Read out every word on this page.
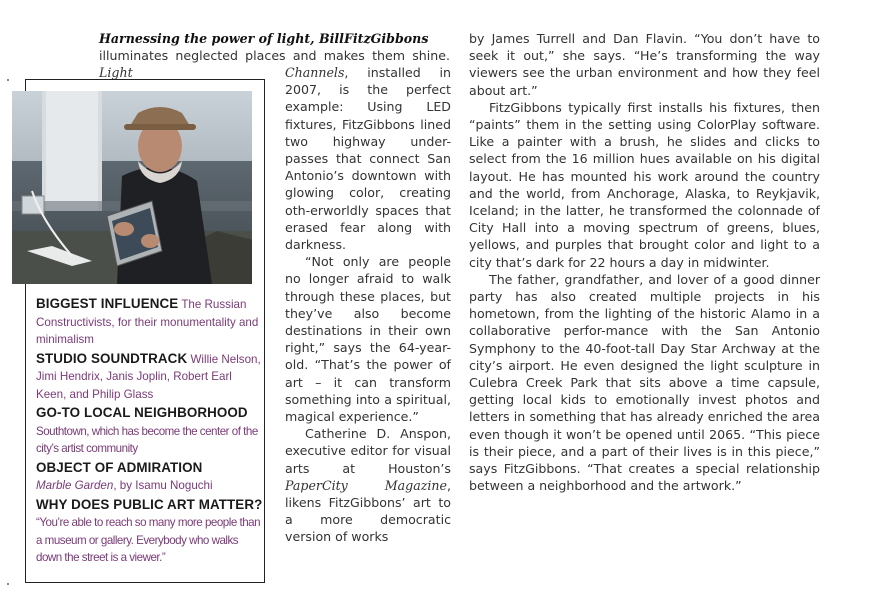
Harnessing the power of light, BillFitzGibbons
illuminates neglected places and makes them shine. Light	Channels, installed in 2007, is the perfect example: Using LED fixtures, FitzGibbons lined two highway under-passes that connect San Antonio’s downtown with glowing color, creating oth-erworldly spaces that erased fear along with darkness.

“Not only are people no longer afraid to walk through these places, but they’ve also become destinations in their own right,” says the 64-year-old. “That’s the power of art – it can transform something into a spiritual, magical experience.”

Catherine D. Anspon, executive editor for visual arts at Houston’s PaperCity Magazine, likens FitzGibbons’ art to a more democratic version of works

by James Turrell and Dan Flavin. “You don’t have to seek it out,” she says. “He’s transforming the way viewers see the urban environment and how they feel about art.”

FitzGibbons typically first installs his fixtures, then “paints” them in the setting using ColorPlay software. Like a painter with a brush, he slides and clicks to select from the 16 million hues available on his digital layout. He has mounted his work around the country and the world, from Anchorage, Alaska, to Reykjavik, Iceland; in the latter, he transformed the colonnade of City Hall into a moving spectrum of greens, blues, yellows, and purples that brought color and light to a city that’s dark for 22 hours a day in midwinter.

The father, grandfather, and lover of a good dinner party has also created multiple projects in his hometown, from the lighting of the historic Alamo in a collaborative perfor-mance with the San Antonio Symphony to the 40-foot-tall Day Star Archway at the city’s airport. He even designed the light sculpture in Culebra Creek Park that sits above a time capsule, getting local kids to emotionally invest photos and letters in something that has already enriched the area even though it won’t be opened until 2065. “This piece is their piece, and a part of their lives is in this piece,” says FitzGibbons. “That creates a special relationship between a neighborhood and the artwork.”

BIGGEST INFLUENCE The Russian Constructivists, for their monumentality and minimalism

STUDIO SOUNDTRACK Willie Nelson, Jimi Hendrix, Janis Joplin, Robert Earl Keen, and Philip Glass

GO-TO LOCAL NEIGHBORHOOD
Southtown, which has become the center of the city’s artist community

OBJECT OF ADMIRATION
Marble Garden, by Isamu Noguchi

WHY DOES PUBLIC ART MATTER?
“You’re able to reach so many more people than a museum or gallery. Everybody who walks down the street is a viewer.”
